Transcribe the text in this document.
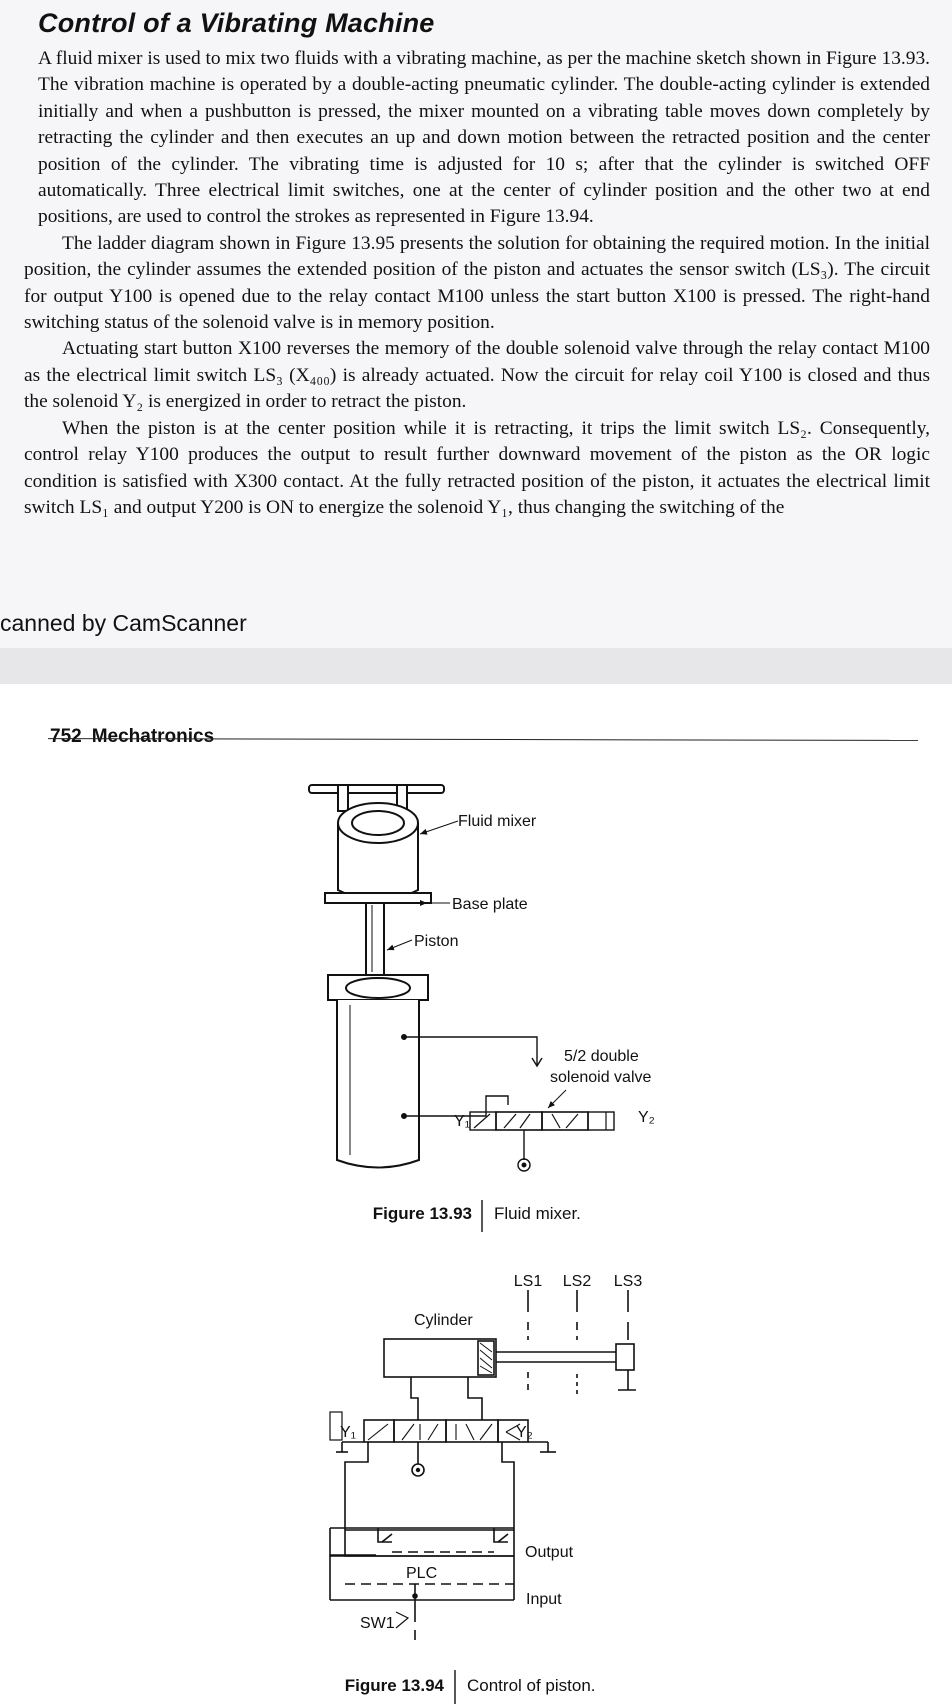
Control of a Vibrating Machine

A fluid mixer is used to mix two fluids with a vibrating machine, as per the machine sketch shown in Figure 13.93. The vibration machine is operated by a double-acting pneumatic cylinder. The double-acting cylinder is extended initially and when a pushbutton is pressed, the mixer mounted on a vibrating table moves down completely by retracting the cylinder and then executes an up and down motion between the retracted position and the center position of the cylinder. The vibrating time is adjusted for 10 s; after that the cylinder is switched OFF automatically. Three electrical limit switches, one at the center of cylinder position and the other two at end positions, are used to control the strokes as represented in Figure 13.94.

The ladder diagram shown in Figure 13.95 presents the solution for obtaining the required motion. In the initial position, the cylinder assumes the extended position of the piston and actuates the sensor switch (LS₃). The circuit for output Y100 is opened due to the relay contact M100 unless the start button X100 is pressed. The right-hand switching status of the solenoid valve is in memory position.

Actuating start button X100 reverses the memory of the double solenoid valve through the relay contact M100 as the electrical limit switch LS₃ (X₄₀₀) is already actuated. Now the circuit for relay coil Y100 is closed and thus the solenoid Y₂ is energized in order to retract the piston.

When the piston is at the center position while it is retracting, it trips the limit switch LS₂. Consequently, control relay Y100 produces the output to result further downward movement of the piston as the OR logic condition is satisfied with X300 contact. At the fully retracted position of the piston, it actuates the electrical limit switch LS₁ and output Y200 is ON to energize the solenoid Y₁, thus changing the switching of the

canned by CamScanner
752 Mechatronics
Fluid mixer
Base plate
Piston
5/2 double
solenoid valve
Y₁	Y₂
Figure 13.93 Fluid mixer.
LS1 LS2 LS3
Cylinder
Y₁	Y₂
Output
PLC
Input
SW1
Figure 13.94 Control of piston.
